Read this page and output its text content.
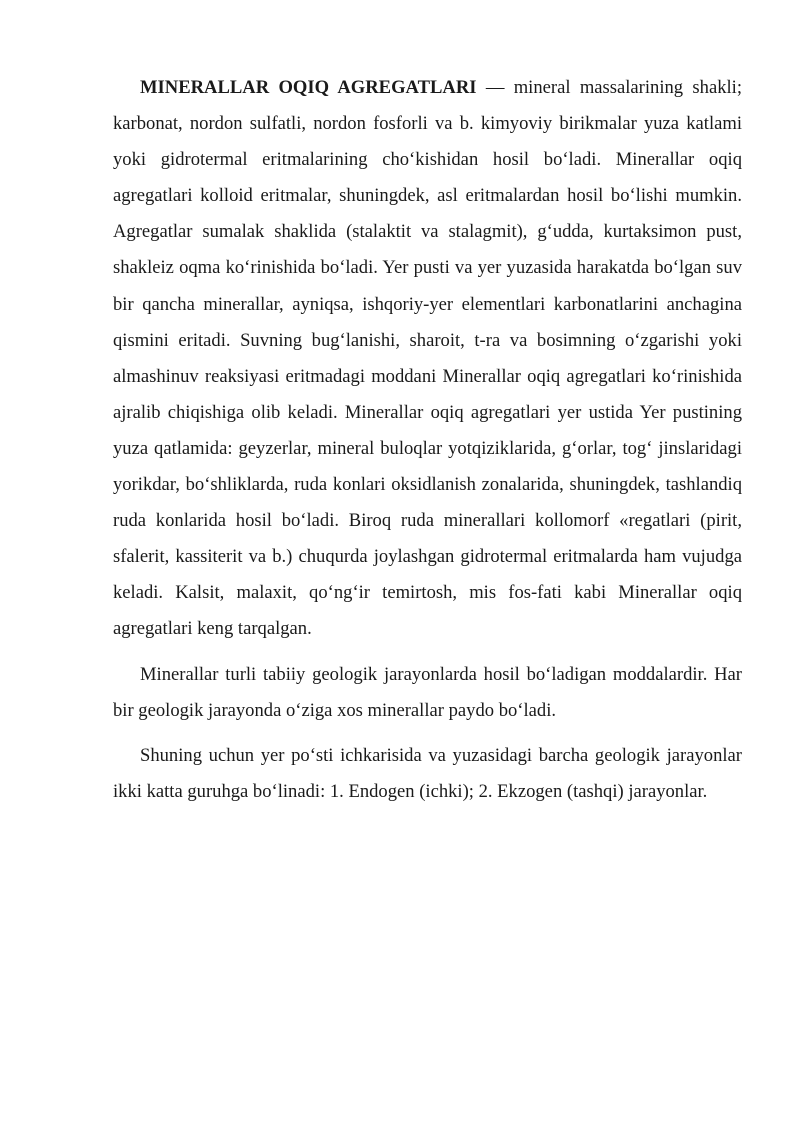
MINERALLAR OQIQ AGREGATLARI — mineral massalarining shakli; karbonat, nordon sulfatli, nordon fosforli va b. kimyoviy birikmalar yuza katlami yoki gidrotermal eritmalarining cho‘kishidan hosil bo‘ladi. Minerallar oqiq agregatlari kolloid eritmalar, shuningdek, asl eritmalardan hosil bo‘lishi mumkin. Agregatlar sumalak shaklida (stalaktit va stalagmit), g‘udda, kurtaksimon pust, shakleiz oqma ko‘rinishida bo‘ladi. Yer pusti va yer yuzasida harakatda bo‘lgan suv bir qancha minerallar, ayniqsa, ishqoriy-yer elementlari karbonatlarini anchagina qismini eritadi. Suvning bug‘lanishi, sharoit, t-ra va bosimning o‘zgarishi yoki almashinuv reaksiyasi eritmadagi moddani Minerallar oqiq agregatlari ko‘rinishida ajralib chiqishiga olib keladi. Minerallar oqiq agregatlari yer ustida Yer pustining yuza qatlamida: geyzerlar, mineral buloqlar yotqiziklarida, g‘orlar, tog‘ jinslaridagi yorikdar, bo‘shliklarda, ruda konlari oksidlanish zonalarida, shuningdek, tashlandiq ruda konlarida hosil bo‘ladi. Biroq ruda minerallari kollomorf «regatlari (pirit, sfalerit, kassiterit va b.) chuqurda joylashgan gidrotermal eritmalarda ham vujudga keladi. Kalsit, malaxit, qo‘ng‘ir temirtosh, mis fos-fati kabi Minerallar oqiq agregatlari keng tarqalgan.

Minerallar turli tabiiy geologik jarayonlarda hosil bo‘ladigan moddalardir. Har bir geologik jarayonda o‘ziga xos minerallar paydo bo‘ladi.

Shuning uchun yer po‘sti ichkarisida va yuzasidagi barcha geologik jarayonlar ikki katta guruhga bo‘linadi: 1. Endogen (ichki); 2. Ekzogen (tashqi) jarayonlar.
